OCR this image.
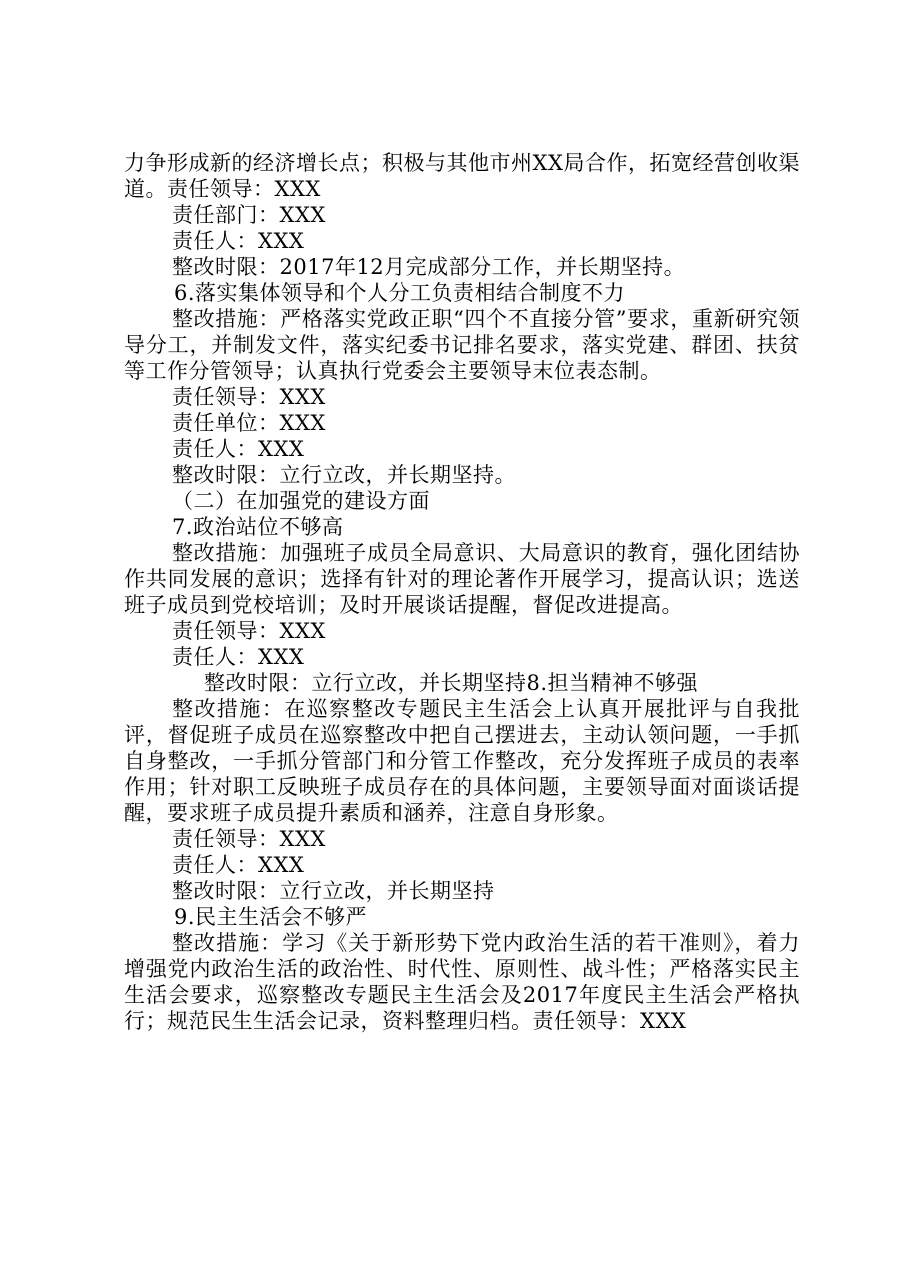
力争形成新的经济增长点；积极与其他市州XX局合作，拓宽经营创收渠道。责任领导：XXX

责任部门：XXX

责任人：XXX

整改时限：2017年12月完成部分工作，并长期坚持。

6.落实集体领导和个人分工负责相结合制度不力

整改措施：严格落实党政正职“四个不直接分管”要求，重新研究领导分工，并制发文件，落实纪委书记排名要求，落实党建、群团、扶贫等工作分管领导；认真执行党委会主要领导末位表态制。

责任领导：XXX

责任单位：XXX

责任人：XXX

整改时限：立行立改，并长期坚持。

（二）在加强党的建设方面

7.政治站位不够高

整改措施：加强班子成员全局意识、大局意识的教育，强化团结协作共同发展的意识；选择有针对的理论著作开展学习，提高认识；选送班子成员到党校培训；及时开展谈话提醒，督促改进提高。

责任领导：XXX

责任人：XXX

整改时限：立行立改，并长期坚持8.担当精神不够强

整改措施：在巡察整改专题民主生活会上认真开展批评与自我批评，督促班子成员在巡察整改中把自己摆进去，主动认领问题，一手抓自身整改，一手抓分管部门和分管工作整改，充分发挥班子成员的表率作用；针对职工反映班子成员存在的具体问题，主要领导面对面谈话提醒，要求班子成员提升素质和涵养，注意自身形象。

责任领导：XXX

责任人：XXX

整改时限：立行立改，并长期坚持

9.民主生活会不够严

整改措施：学习《关于新形势下党内政治生活的若干准则》，着力增强党内政治生活的政治性、时代性、原则性、战斗性；严格落实民主生活会要求，巡察整改专题民主生活会及2017年度民主生活会严格执行；规范民生生活会记录，资料整理归档。责任领导：XXX
